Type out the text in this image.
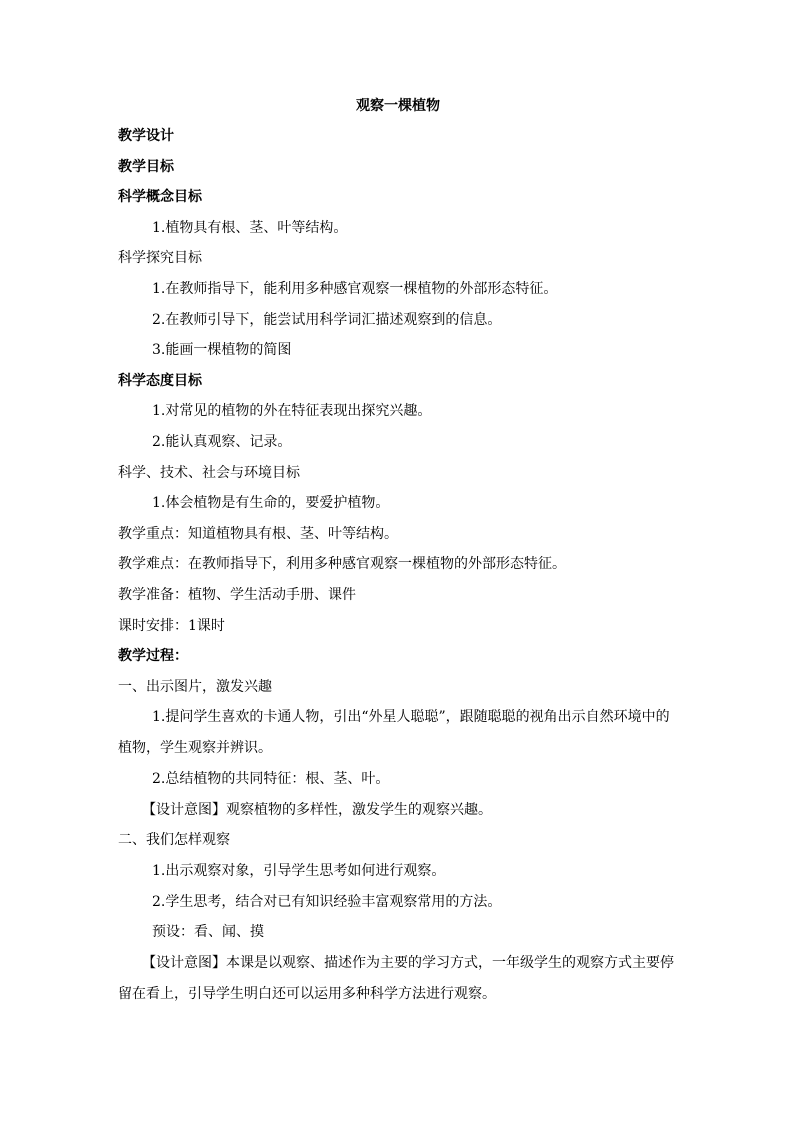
观察一棵植物
教学设计
教学目标
科学概念目标
1.植物具有根、茎、叶等结构。
科学探究目标
1.在教师指导下，能利用多种感官观察一棵植物的外部形态特征。
2.在教师引导下，能尝试用科学词汇描述观察到的信息。
3.能画一棵植物的简图
科学态度目标
1.对常见的植物的外在特征表现出探究兴趣。
2.能认真观察、记录。
科学、技术、社会与环境目标
1.体会植物是有生命的，要爱护植物。
教学重点：知道植物具有根、茎、叶等结构。
教学难点：在教师指导下，利用多种感官观察一棵植物的外部形态特征。
教学准备：植物、学生活动手册、课件
课时安排：1课时
教学过程：
一、出示图片，激发兴趣
1.提问学生喜欢的卡通人物，引出“外星人聪聪”，跟随聪聪的视角出示自然环境中的植物，学生观察并辨识。
2.总结植物的共同特征：根、茎、叶。
【设计意图】观察植物的多样性，激发学生的观察兴趣。
二、我们怎样观察
1.出示观察对象，引导学生思考如何进行观察。
2.学生思考，结合对已有知识经验丰富观察常用的方法。
预设：看、闻、摸
【设计意图】本课是以观察、描述作为主要的学习方式，一年级学生的观察方式主要停留在看上，引导学生明白还可以运用多种科学方法进行观察。
